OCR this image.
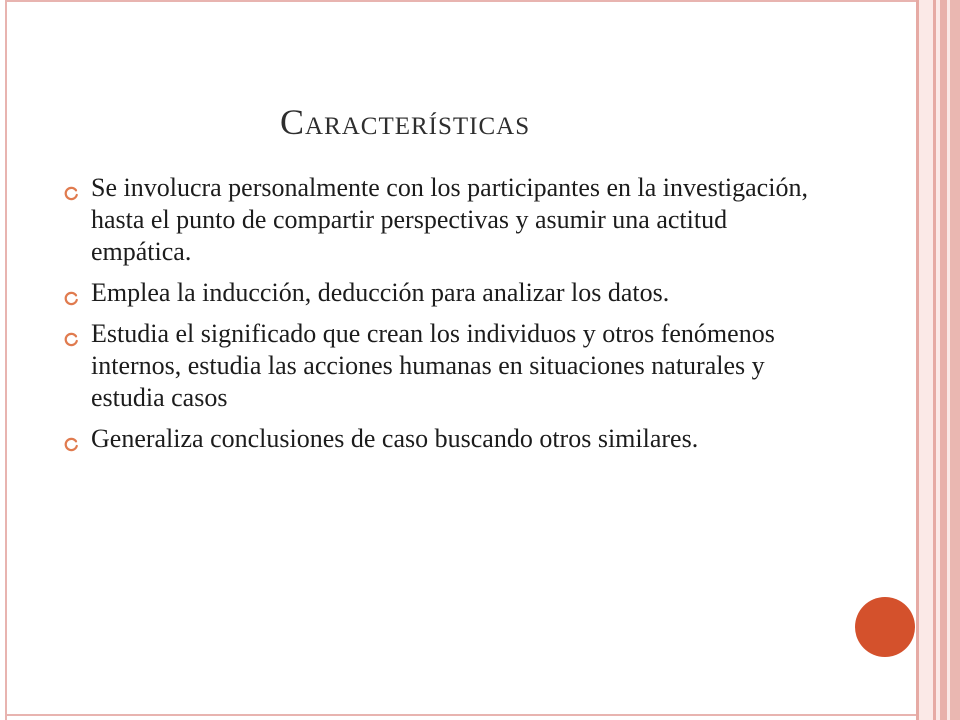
Características
Se involucra personalmente con los participantes en la investigación, hasta el punto de compartir perspectivas y asumir una actitud empática.
Emplea la inducción, deducción para analizar los datos.
Estudia el significado que crean los individuos y otros fenómenos internos, estudia las acciones humanas en situaciones naturales y estudia casos
Generaliza conclusiones de caso buscando otros similares.
